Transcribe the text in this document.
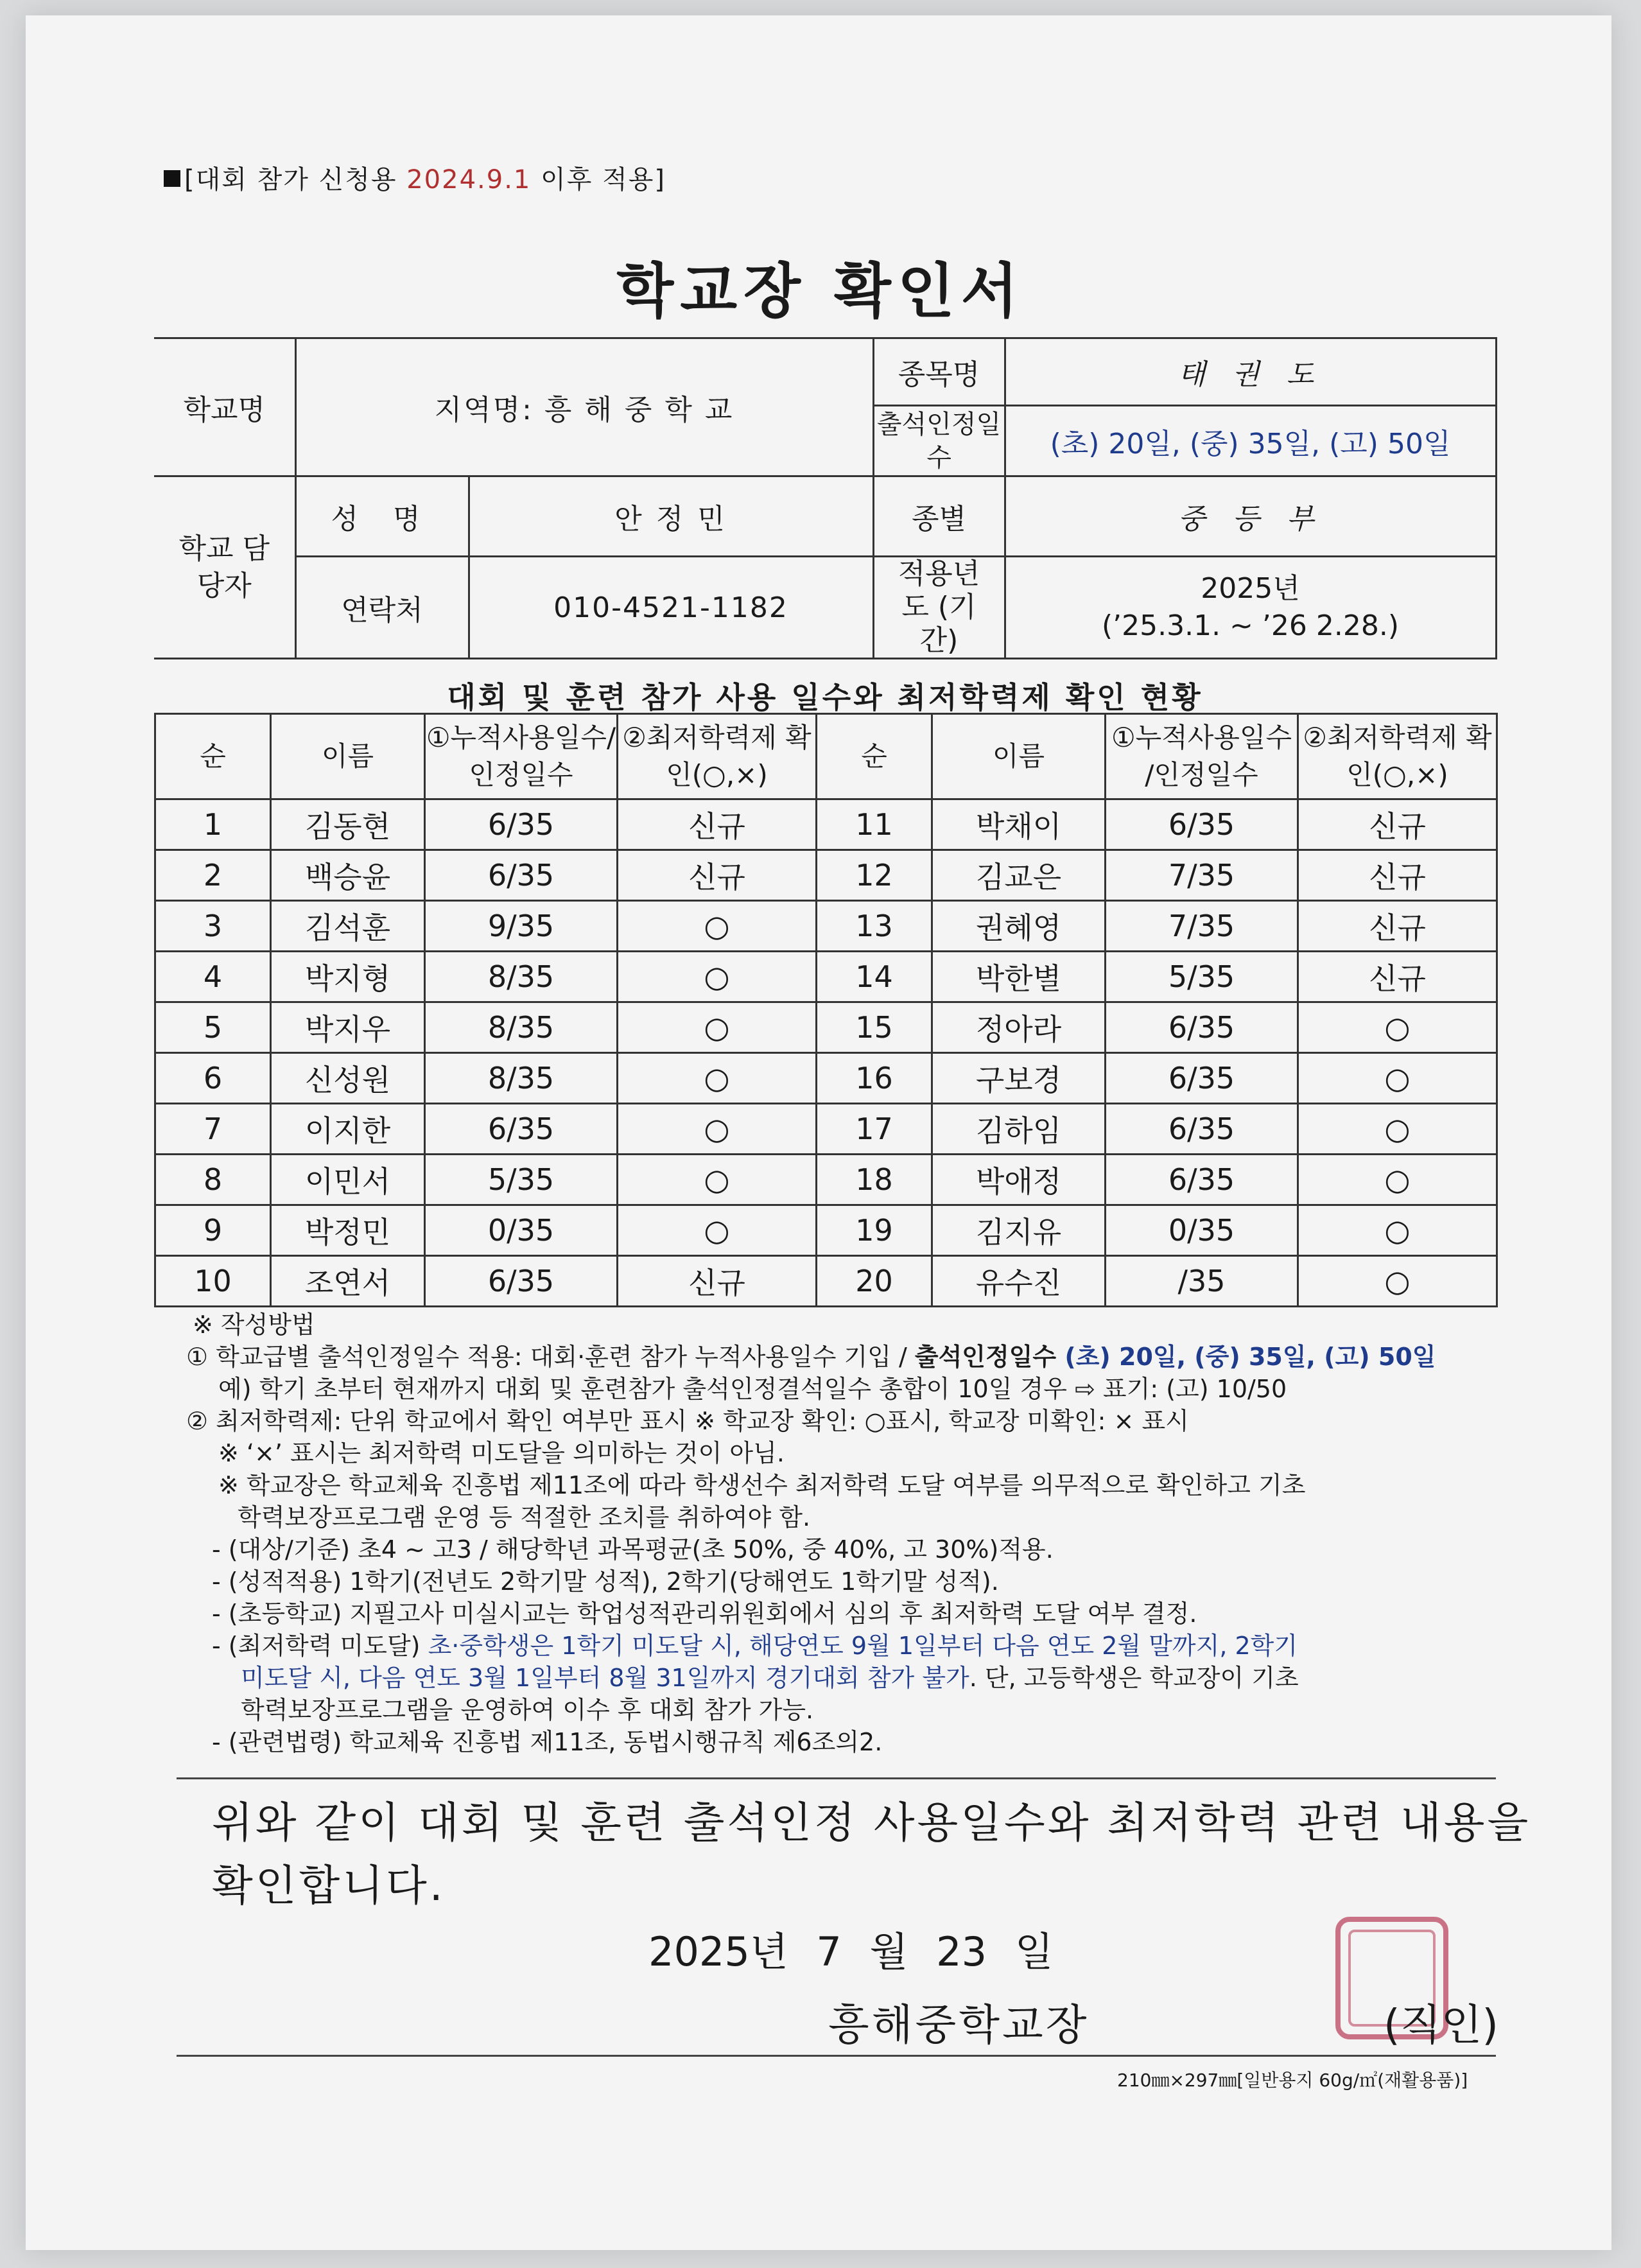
[대회 참가 신청용 2024.9.1 이후 적용]
학교장 확인서
학교명	지역명: 흥 해 중 학 교		종목명	태 권 도
			출석인정일수	(초) 20일, (중) 35일, (고) 50일
학교 담당자	성 명	안 정 민	종별	중 등 부
	연락처	010-4521-1182	적용년도 (기간)	2025년
(’25.3.1. ~ ’26 2.28.)
대회 및 훈련 참가 사용 일수와 최저학력제 확인 현황
순	이름	①누적사용일수/인정일수	②최저학력제 확인(○,×)	순	이름	①누적사용일수 /인정일수	②최저학력제 확인(○,×)
1	김동현	6/35	신규	11	박채이	6/35	신규
2	백승윤	6/35	신규	12	김교은	7/35	신규
3	김석훈	9/35	○	13	권혜영	7/35	신규
4	박지형	8/35	○	14	박한별	5/35	신규
5	박지우	8/35	○	15	정아라	6/35	○
6	신성원	8/35	○	16	구보경	6/35	○
7	이지한	6/35	○	17	김하임	6/35	○
8	이민서	5/35	○	18	박애정	6/35	○
9	박정민	0/35	○	19	김지유	0/35	○
10	조연서	6/35	신규	20	유수진	/35	○
※ 작성방법
① 학교급별 출석인정일수 적용: 대회·훈련 참가 누적사용일수 기입 / 출석인정일수 (초) 20일, (중) 35일, (고) 50일
예) 학기 초부터 현재까지 대회 및 훈련참가 출석인정결석일수 총합이 10일 경우 ⇨ 표기: (고) 10/50
② 최저학력제: 단위 학교에서 확인 여부만 표시 ※ 학교장 확인: ○표시, 학교장 미확인: × 표시
※ ‘×’ 표시는 최저학력 미도달을 의미하는 것이 아님.
※ 학교장은 학교체육 진흥법 제11조에 따라 학생선수 최저학력 도달 여부를 의무적으로 확인하고 기초
학력보장프로그램 운영 등 적절한 조치를 취하여야 함.
- (대상/기준) 초4 ~ 고3 / 해당학년 과목평균(초 50%, 중 40%, 고 30%)적용.
- (성적적용) 1학기(전년도 2학기말 성적), 2학기(당해연도 1학기말 성적).
- (초등학교) 지필고사 미실시교는 학업성적관리위원회에서 심의 후 최저학력 도달 여부 결정.
- (최저학력 미도달) 초·중학생은 1학기 미도달 시, 해당연도 9월 1일부터 다음 연도 2월 말까지, 2학기
미도달 시, 다음 연도 3월 1일부터 8월 31일까지 경기대회 참가 불가. 단, 고등학생은 학교장이 기초
학력보장프로그램을 운영하여 이수 후 대회 참가 가능.
- (관련법령) 학교체육 진흥법 제11조, 동법시행규칙 제6조의2.
위와 같이 대회 및 훈련 출석인정 사용일수와 최저학력 관련 내용을
확인합니다.
2025년 7 월 23 일
흥해중학교장	(직인)
210㎜×297㎜[일반용지 60g/㎡(재활용품)]
